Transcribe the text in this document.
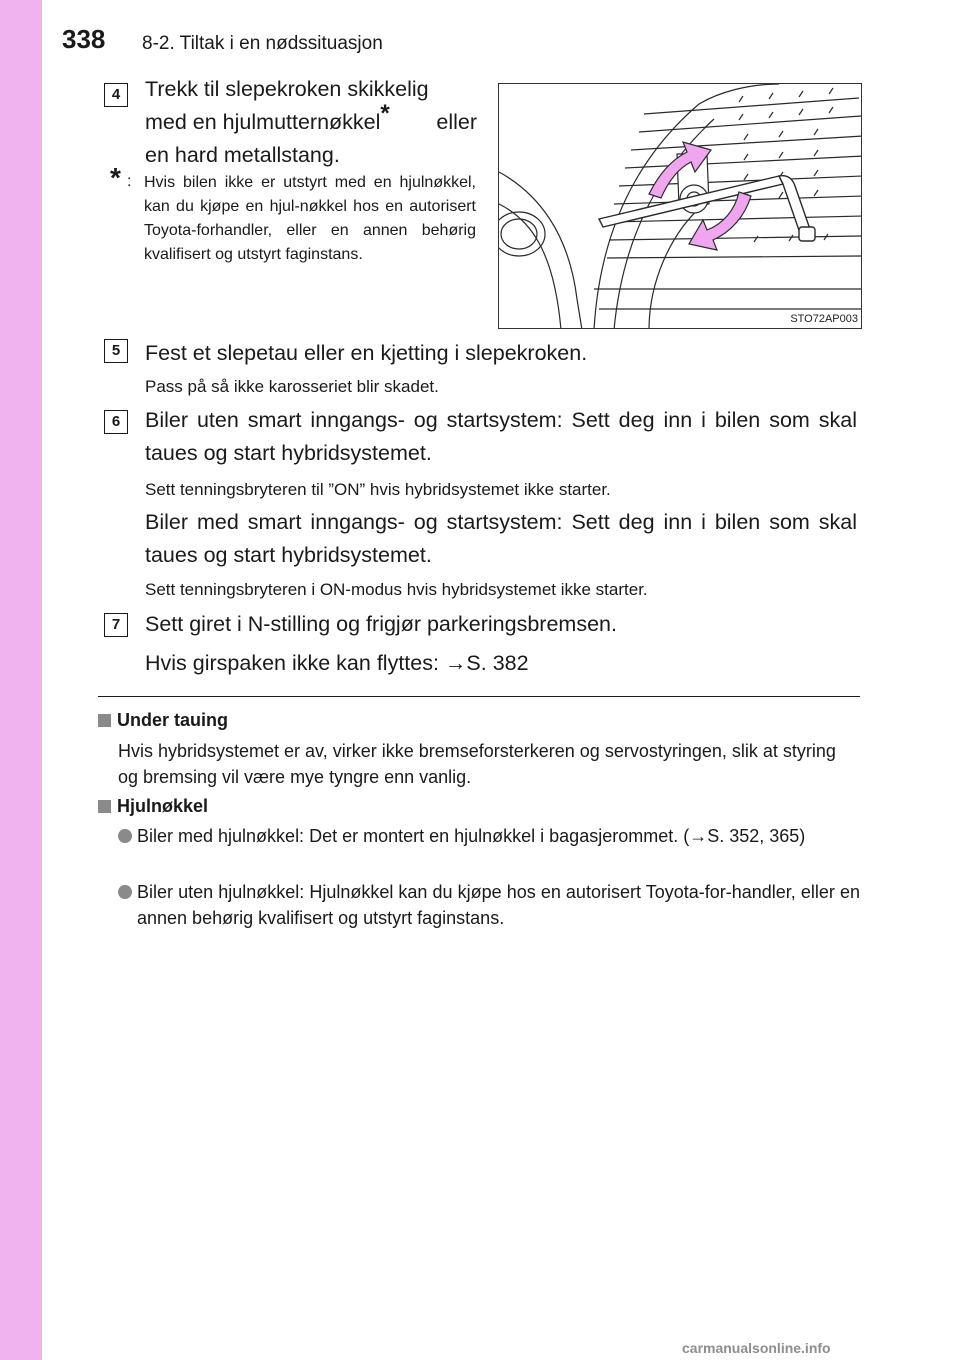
338 8-2. Tiltak i en nødssituasjon
4	Trekk til slepekroken skikkelig
med en hjulmutternøkkel* eller
en hard metallstang.
* : Hvis bilen ikke er utstyrt med en hjulnøkkel, kan du kjøpe en hjul-nøkkel hos en autorisert Toyota-forhandler, eller en annen behørig kvalifisert og utstyrt faginstans.
STO72AP003
5	Fest et slepetau eller en kjetting i slepekroken.
Pass på så ikke karosseriet blir skadet.
6	Biler uten smart inngangs- og startsystem: Sett deg inn i bilen som skal taues og start hybridsystemet.
Sett tenningsbryteren til ”ON” hvis hybridsystemet ikke starter.
Biler med smart inngangs- og startsystem: Sett deg inn i bilen som skal taues og start hybridsystemet.
Sett tenningsbryteren i ON-modus hvis hybridsystemet ikke starter.
7	Sett giret i N-stilling og frigjør parkeringsbremsen.
Hvis girspaken ikke kan flyttes: →S. 382
Under tauing
Hvis hybridsystemet er av, virker ikke bremseforsterkeren og servostyringen, slik at styring og bremsing vil være mye tyngre enn vanlig.
Hjulnøkkel
Biler med hjulnøkkel: Det er montert en hjulnøkkel i bagasjerommet. (→S. 352, 365)
Biler uten hjulnøkkel: Hjulnøkkel kan du kjøpe hos en autorisert Toyota-for-handler, eller en annen behørig kvalifisert og utstyrt faginstans.
carmanualsonline.info
